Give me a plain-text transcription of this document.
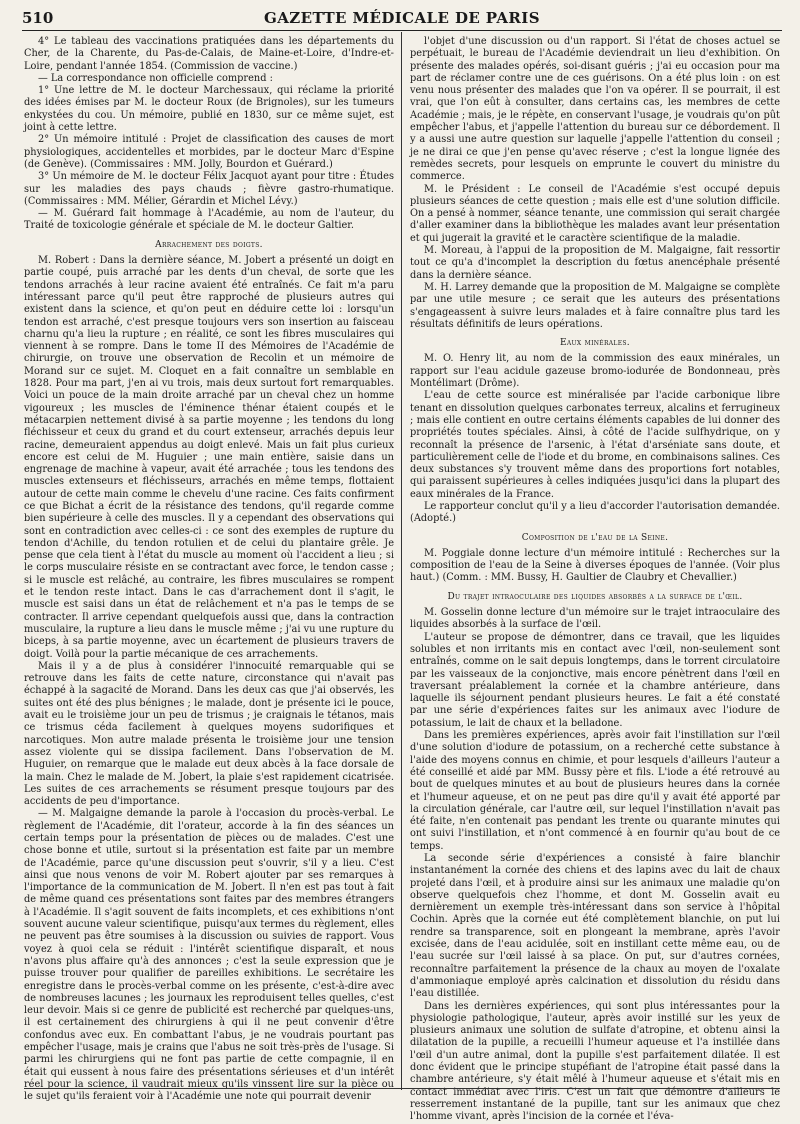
510	GAZETTE MÉDICALE DE PARIS

4° Le tableau des vaccinations pratiquées dans les départements du Cher, de la Charente, du Pas-de-Calais, de Maine-et-Loire, d'Indre-et-Loire, pendant l'année 1854. (Commission de vaccine.)

— La correspondance non officielle comprend :

1° Une lettre de M. le docteur Marchessaux, qui réclame la priorité des idées émises par M. le docteur Roux (de Brignoles), sur les tumeurs enkystées du cou. Un mémoire, publié en 1830, sur ce même sujet, est joint à cette lettre.

2° Un mémoire intitulé : Projet de classification des causes de mort physiologiques, accidentelles et morbides, par le docteur Marc d'Espine (de Genève). (Commissaires : MM. Jolly, Bourdon et Guérard.)

3° Un mémoire de M. le docteur Félix Jacquot ayant pour titre : Études sur les maladies des pays chauds ; fièvre gastro-rhumatique. (Commissaires : MM. Mélier, Gérardin et Michel Lévy.)

— M. Guérard fait hommage à l'Académie, au nom de l'auteur, du Traité de toxicologie générale et spéciale de M. le docteur Galtier.

Arrachement des doigts.

M. Robert : Dans la dernière séance, M. Jobert a présenté un doigt en partie coupé, puis arraché par les dents d'un cheval, de sorte que les tendons arrachés à leur racine avaient été entraînés. Ce fait m'a paru intéressant parce qu'il peut être rapproché de plusieurs autres qui existent dans la science, et qu'on peut en déduire cette loi : lorsqu'un tendon est arraché, c'est presque toujours vers son insertion au faisceau charnu qu'a lieu la rupture ; en réalité, ce sont les fibres musculaires qui viennent à se rompre. Dans le tome II des Mémoires de l'Académie de chirurgie, on trouve une observation de Recolin et un mémoire de Morand sur ce sujet. M. Cloquet en a fait connaître un semblable en 1828. Pour ma part, j'en ai vu trois, mais deux surtout fort remarquables. Voici un pouce de la main droite arraché par un cheval chez un homme vigoureux ; les muscles de l'éminence thénar étaient coupés et le métacarpien nettement divisé à sa partie moyenne ; les tendons du long fléchisseur et ceux du grand et du court extenseur, arrachés depuis leur racine, demeuraient appendus au doigt enlevé. Mais un fait plus curieux encore est celui de M. Huguier ; une main entière, saisie dans un engrenage de machine à vapeur, avait été arrachée ; tous les tendons des muscles extenseurs et fléchisseurs, arrachés en même temps, flottaient autour de cette main comme le chevelu d'une racine. Ces faits confirment ce que Bichat a écrit de la résistance des tendons, qu'il regarde comme bien supérieure à celle des muscles. Il y a cependant des observations qui sont en contradiction avec celles-ci : ce sont des exemples de rupture du tendon d'Achille, du tendon rotulien et de celui du plantaire grêle. Je pense que cela tient à l'état du muscle au moment où l'accident a lieu ; si le corps musculaire résiste en se contractant avec force, le tendon casse ; si le muscle est relâché, au contraire, les fibres musculaires se rompent et le tendon reste intact. Dans le cas d'arrachement dont il s'agit, le muscle est saisi dans un état de relâchement et n'a pas le temps de se contracter. Il arrive cependant quelquefois aussi que, dans la contraction musculaire, la rupture a lieu dans le muscle même ; j'ai vu une rupture du biceps, à sa partie moyenne, avec un écartement de plusieurs travers de doigt. Voilà pour la partie mécanique de ces arrachements.

Mais il y a de plus à considérer l'innocuité remarquable qui se retrouve dans les faits de cette nature, circonstance qui n'avait pas échappé à la sagacité de Morand. Dans les deux cas que j'ai observés, les suites ont été des plus bénignes ; le malade, dont je présente ici le pouce, avait eu le troisième jour un peu de trismus ; je craignais le tétanos, mais ce trismus céda facilement à quelques moyens sudorifiques et narcotiques. Mon autre malade présenta le troisième jour une tension assez violente qui se dissipa facilement. Dans l'observation de M. Huguier, on remarque que le malade eut deux abcès à la face dorsale de la main. Chez le malade de M. Jobert, la plaie s'est rapidement cicatrisée. Les suites de ces arrachements se résument presque toujours par des accidents de peu d'importance.

— M. Malgaigne demande la parole à l'occasion du procès-verbal. Le règlement de l'Académie, dit l'orateur, accorde à la fin des séances un certain temps pour la présentation de pièces ou de malades. C'est une chose bonne et utile, surtout si la présentation est faite par un membre de l'Académie, parce qu'une discussion peut s'ouvrir, s'il y a lieu. C'est ainsi que nous venons de voir M. Robert ajouter par ses remarques à l'importance de la communication de M. Jobert. Il n'en est pas tout à fait de même quand ces présentations sont faites par des membres étrangers à l'Académie. Il s'agit souvent de faits incomplets, et ces exhibitions n'ont souvent aucune valeur scientifique, puisqu'aux termes du règlement, elles ne peuvent pas être soumises à la discussion ou suivies de rapport. Vous voyez à quoi cela se réduit : l'intérêt scientifique disparaît, et nous n'avons plus affaire qu'à des annonces ; c'est la seule expression que je puisse trouver pour qualifier de pareilles exhibitions. Le secrétaire les enregistre dans le procès-verbal comme on les présente, c'est-à-dire avec de nombreuses lacunes ; les journaux les reproduisent telles quelles, c'est leur devoir. Mais si ce genre de publicité est recherché par quelques-uns, il est certainement des chirurgiens à qui il ne peut convenir d'être confondus avec eux. En combattant l'abus, je ne voudrais pourtant pas empêcher l'usage, mais je crains que l'abus ne soit très-près de l'usage. Si parmi les chirurgiens qui ne font pas partie de cette compagnie, il en était qui eussent à nous faire des présentations sérieuses et d'un intérêt réel pour la science, il vaudrait mieux qu'ils vinssent lire sur la pièce ou le sujet qu'ils feraient voir à l'Académie une note qui pourrait devenir

l'objet d'une discussion ou d'un rapport. Si l'état de choses actuel se perpétuait, le bureau de l'Académie deviendrait un lieu d'exhibition. On présente des malades opérés, soi-disant guéris ; j'ai eu occasion pour ma part de réclamer contre une de ces guérisons. On a été plus loin : on est venu nous présenter des malades que l'on va opérer. Il se pourrait, il est vrai, que l'on eût à consulter, dans certains cas, les membres de cette Académie ; mais, je le répète, en conservant l'usage, je voudrais qu'on pût empêcher l'abus, et j'appelle l'attention du bureau sur ce débordement. Il y a aussi une autre question sur laquelle j'appelle l'attention du conseil ; je ne dirai ce que j'en pense qu'avec réserve ; c'est la longue lignée des remèdes secrets, pour lesquels on emprunte le couvert du ministre du commerce.

M. le Président : Le conseil de l'Académie s'est occupé depuis plusieurs séances de cette question ; mais elle est d'une solution difficile. On a pensé à nommer, séance tenante, une commission qui serait chargée d'aller examiner dans la bibliothèque les malades avant leur présentation et qui jugerait la gravité et le caractère scientifique de la maladie.

M. Moreau, à l'appui de la proposition de M. Malgaigne, fait ressortir tout ce qu'a d'incomplet la description du fœtus anencéphale présenté dans la dernière séance.

M. H. Larrey demande que la proposition de M. Malgaigne se complète par une utile mesure ; ce serait que les auteurs des présentations s'engageassent à suivre leurs malades et à faire connaître plus tard les résultats définitifs de leurs opérations.

Eaux minérales.

M. O. Henry lit, au nom de la commission des eaux minérales, un rapport sur l'eau acidule gazeuse bromo-iodurée de Bondonneau, près Montélimart (Drôme).

L'eau de cette source est minéralisée par l'acide carbonique libre tenant en dissolution quelques carbonates terreux, alcalins et ferrugineux ; mais elle contient en outre certains éléments capables de lui donner des propriétés toutes spéciales. Ainsi, à côté de l'acide sulfhydrique, on y reconnaît la présence de l'arsenic, à l'état d'arséniate sans doute, et particulièrement celle de l'iode et du brome, en combinaisons salines. Ces deux substances s'y trouvent même dans des proportions fort notables, qui paraissent supérieures à celles indiquées jusqu'ici dans la plupart des eaux minérales de la France.

Le rapporteur conclut qu'il y a lieu d'accorder l'autorisation demandée. (Adopté.)

Composition de l'eau de la Seine.

M. Poggiale donne lecture d'un mémoire intitulé : Recherches sur la composition de l'eau de la Seine à diverses époques de l'année. (Voir plus haut.) (Comm. : MM. Bussy, H. Gaultier de Claubry et Chevallier.)

Du trajet intraoculaire des liquides absorbés a la surface de l'œil.

M. Gosselin donne lecture d'un mémoire sur le trajet intraoculaire des liquides absorbés à la surface de l'œil.

L'auteur se propose de démontrer, dans ce travail, que les liquides solubles et non irritants mis en contact avec l'œil, non-seulement sont entraînés, comme on le sait depuis longtemps, dans le torrent circulatoire par les vaisseaux de la conjonctive, mais encore pénètrent dans l'œil en traversant préalablement la cornée et la chambre antérieure, dans laquelle ils séjournent pendant plusieurs heures. Le fait a été constaté par une série d'expériences faites sur les animaux avec l'iodure de potassium, le lait de chaux et la belladone.

Dans les premières expériences, après avoir fait l'instillation sur l'œil d'une solution d'iodure de potassium, on a recherché cette substance à l'aide des moyens connus en chimie, et pour lesquels d'ailleurs l'auteur a été conseillé et aidé par MM. Bussy père et fils. L'iode a été retrouvé au bout de quelques minutes et au bout de plusieurs heures dans la cornée et l'humeur aqueuse, et on ne peut pas dire qu'il y avait été apporté par la circulation générale, car l'autre œil, sur lequel l'instillation n'avait pas été faite, n'en contenait pas pendant les trente ou quarante minutes qui ont suivi l'instillation, et n'ont commencé à en fournir qu'au bout de ce temps.

La seconde série d'expériences a consisté à faire blanchir instantanément la cornée des chiens et des lapins avec du lait de chaux projeté dans l'œil, et à produire ainsi sur les animaux une maladie qu'on observe quelquefois chez l'homme, et dont M. Gosselin avait eu dernièrement un exemple très-intéressant dans son service à l'hôpital Cochin. Après que la cornée eut été complètement blanchie, on put lui rendre sa transparence, soit en plongeant la membrane, après l'avoir excisée, dans de l'eau acidulée, soit en instillant cette même eau, ou de l'eau sucrée sur l'œil laissé à sa place. On put, sur d'autres cornées, reconnaître parfaitement la présence de la chaux au moyen de l'oxalate d'ammoniaque employé après calcination et dissolution du résidu dans l'eau distillée.

Dans les dernières expériences, qui sont plus intéressantes pour la physiologie pathologique, l'auteur, après avoir instillé sur les yeux de plusieurs animaux une solution de sulfate d'atropine, et obtenu ainsi la dilatation de la pupille, a recueilli l'humeur aqueuse et l'a instillée dans l'œil d'un autre animal, dont la pupille s'est parfaitement dilatée. Il est donc évident que le principe stupéfiant de l'atropine était passé dans la chambre antérieure, s'y était mêlé à l'humeur aqueuse et s'était mis en contact immédiat avec l'iris. C'est un fait que démontre d'ailleurs le resserrement instantané de la pupille, tant sur les animaux que chez l'homme vivant, après l'incision de la cornée et l'éva-
